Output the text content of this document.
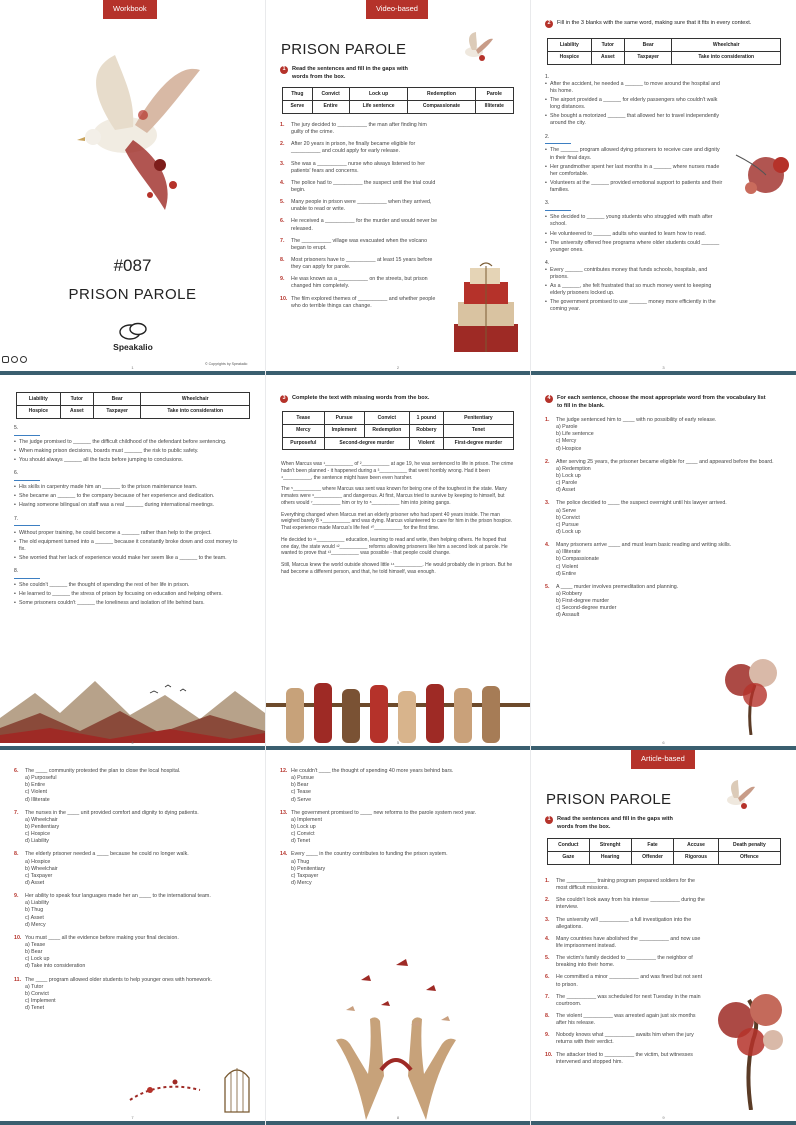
Workbook
#087
PRISON PAROLE
Speakalio
© Copyrights by Speakalio
1
Video-based
PRISON PAROLE
1	Read the sentences and fill in the gaps with words from the box.
Thug	Convict	Lock up	Redemption	Parole
Serve	Entire	Life sentence	Compassionate	Illiterate
1.	The jury decided to __________ the man after finding him guilty of the crime.
2.	After 20 years in prison, he finally became eligible for __________ and could apply for early release.
3.	She was a __________ nurse who always listened to her patients' fears and concerns.
4.	The police had to __________ the suspect until the trial could begin.
5.	Many people in prison were __________ when they arrived, unable to read or write.
6.	He received a __________ for the murder and would never be released.
7.	The __________ village was evacuated when the volcano began to erupt.
8.	Most prisoners have to __________ at least 15 years before they can apply for parole.
9.	He was known as a __________ on the streets, but prison changed him completely.
10. The film explored themes of __________ and whether people who do terrible things can change.
2
2	Fill in the 3 blanks with the same word, making sure that it fits in every context.
Liability	Tutor	Bear	Wheelchair
Hospice	Asset	Taxpayer	Take into consideration
1.
• After the accident, he needed a ______ to move around the hospital and his home.
• The airport provided a ______ for elderly passengers who couldn't walk long distances.
• She bought a motorized ______ that allowed her to travel independently around the city.
2.
• The ______ program allowed dying prisoners to receive care and dignity in their final days.
• Her grandmother spent her last months in a ______ where nurses made her comfortable.
• Volunteers at the ______ provided emotional support to patients and their families.
3.
• She decided to ______ young students who struggled with math after school.
• He volunteered to ______ adults who wanted to learn how to read.
• The university offered free programs where older students could ______ younger ones.
4.
• Every ______ contributes money that funds schools, hospitals, and prisons.
• As a ______, she felt frustrated that so much money went to keeping elderly prisoners locked up.
• The government promised to use ______ money more efficiently in the coming year.
3
Liability	Tutor	Bear	Wheelchair
Hospice	Asset	Taxpayer	Take into consideration
5.
• The judge promised to ______ the difficult childhood of the defendant before sentencing.
• When making prison decisions, boards must ______ the risk to public safety.
• You should always ______ all the facts before jumping to conclusions.
6.
• His skills in carpentry made him an ______ to the prison maintenance team.
• She became an ______ to the company because of her experience and dedication.
• Having someone bilingual on staff was a real ______ during international meetings.
7.
• Without proper training, he could become a ______ rather than help to the project.
• The old equipment turned into a ______ because it constantly broke down and cost money to fix.
• She worried that her lack of experience would make her seem like a ______ to the team.
8.
• She couldn't ______ the thought of spending the rest of her life in prison.
• He learned to ______ the stress of prison by focusing on education and helping others.
• Some prisoners couldn't ______ the loneliness and isolation of life behind bars.
4
3	Complete the text with missing words from the box.
Tease	Pursue	Convict	1 pound	Penitentiary
Mercy	Implement	Redemption	Robbery	Tenet
Purposeful	Second-degree murder		Violent	First-degree murder

When Marcus was ¹__________ of ²__________ at age 19, he was sentenced to life in prison. The crime hadn't been planned - it happened during a ³__________ that went horribly wrong. Had it been ⁴__________, the sentence might have been even harsher.

The ⁵__________ where Marcus was sent was known for being one of the toughest in the state. Many inmates were ⁶__________ and dangerous. At first, Marcus tried to survive by keeping to himself, but others would ⁷__________ him or try to ⁸__________ him into joining gangs.

Everything changed when Marcus met an elderly prisoner who had spent 40 years inside. The man weighed barely 8 ⁹__________ and was dying. Marcus volunteered to care for him in the prison hospice. That experience made Marcus's life feel ¹⁰__________ for the first time.

He decided to ¹¹__________ education, learning to read and write, then helping others. He hoped that one day, the state would ¹²__________ reforms allowing prisoners like him a second look at parole. He wanted to prove that ¹³__________ was possible - that people could change.

Still, Marcus knew the world outside showed little ¹⁴__________. He would probably die in prison. But he had become a different person, and that, he told himself, was enough.

5
4	For each sentence, choose the most appropriate word from the vocabulary list to fill in the blank.
1.	The judge sentenced him to ____ with no possibility of early release.
a) Parole
b) Life sentence
c) Mercy
d) Hospice
2.	After serving 25 years, the prisoner became eligible for ____ and appeared before the board.
a) Redemption
b) Lock up
c) Parole
d) Asset
3.	The police decided to ____ the suspect overnight until his lawyer arrived.
a) Serve
b) Convict
c) Pursue
d) Lock up
4.	Many prisoners arrive ____ and must learn basic reading and writing skills.
a) Illiterate
b) Compassionate
c) Violent
d) Entire
5.	A ____ murder involves premeditation and planning.
a) Robbery
b) First-degree murder
c) Second-degree murder
d) Assault
6
6.	The ____ community protested the plan to close the local hospital.
a) Purposeful
b) Entire
c) Violent
d) Illiterate
7.	The nurses in the ____ unit provided comfort and dignity to dying patients.
a) Wheelchair
b) Penitentiary
c) Hospice
d) Liability
8.	The elderly prisoner needed a ____ because he could no longer walk.
a) Hospice
b) Wheelchair
c) Taxpayer
d) Asset
9.	Her ability to speak four languages made her an ____ to the international team.
a) Liability
b) Thug
c) Asset
d) Mercy
10. You must ____ all the evidence before making your final decision.
a) Tease
b) Bear
c) Lock up
d) Take into consideration
11. The ____ program allowed older students to help younger ones with homework.
a) Tutor
b) Convict
c) Implement
d) Tenet
7
12. He couldn't ____ the thought of spending 40 more years behind bars.
a) Pursue
b) Bear
c) Tease
d) Serve
13. The government promised to ____ new reforms to the parole system next year.
a) Implement
b) Lock up
c) Convict
d) Tenet
14. Every ____ in the country contributes to funding the prison system.
a) Thug
b) Penitentiary
c) Taxpayer
d) Mercy
8
Article-based
PRISON PAROLE
1	Read the sentences and fill in the gaps with words from the box.
Conduct	Strenght	Fate	Accuse	Death penalty
Gaze	Hearing	Offender	Rigorous	Offence
1.	The __________ training program prepared soldiers for the most difficult missions.
2.	She couldn't look away from his intense __________ during the interview.
3.	The university will __________ a full investigation into the allegations.
4.	Many countries have abolished the __________ and now use life imprisonment instead.
5.	The victim's family decided to __________ the neighbor of breaking into their home.
6.	He committed a minor __________ and was fined but not sent to prison.
7.	The __________ was scheduled for next Tuesday in the main courtroom.
8.	The violent __________ was arrested again just six months after his release.
9.	Nobody knows what __________ awaits him when the jury returns with their verdict.
10. The attacker tried to __________ the victim, but witnesses intervened and stopped him.
9
